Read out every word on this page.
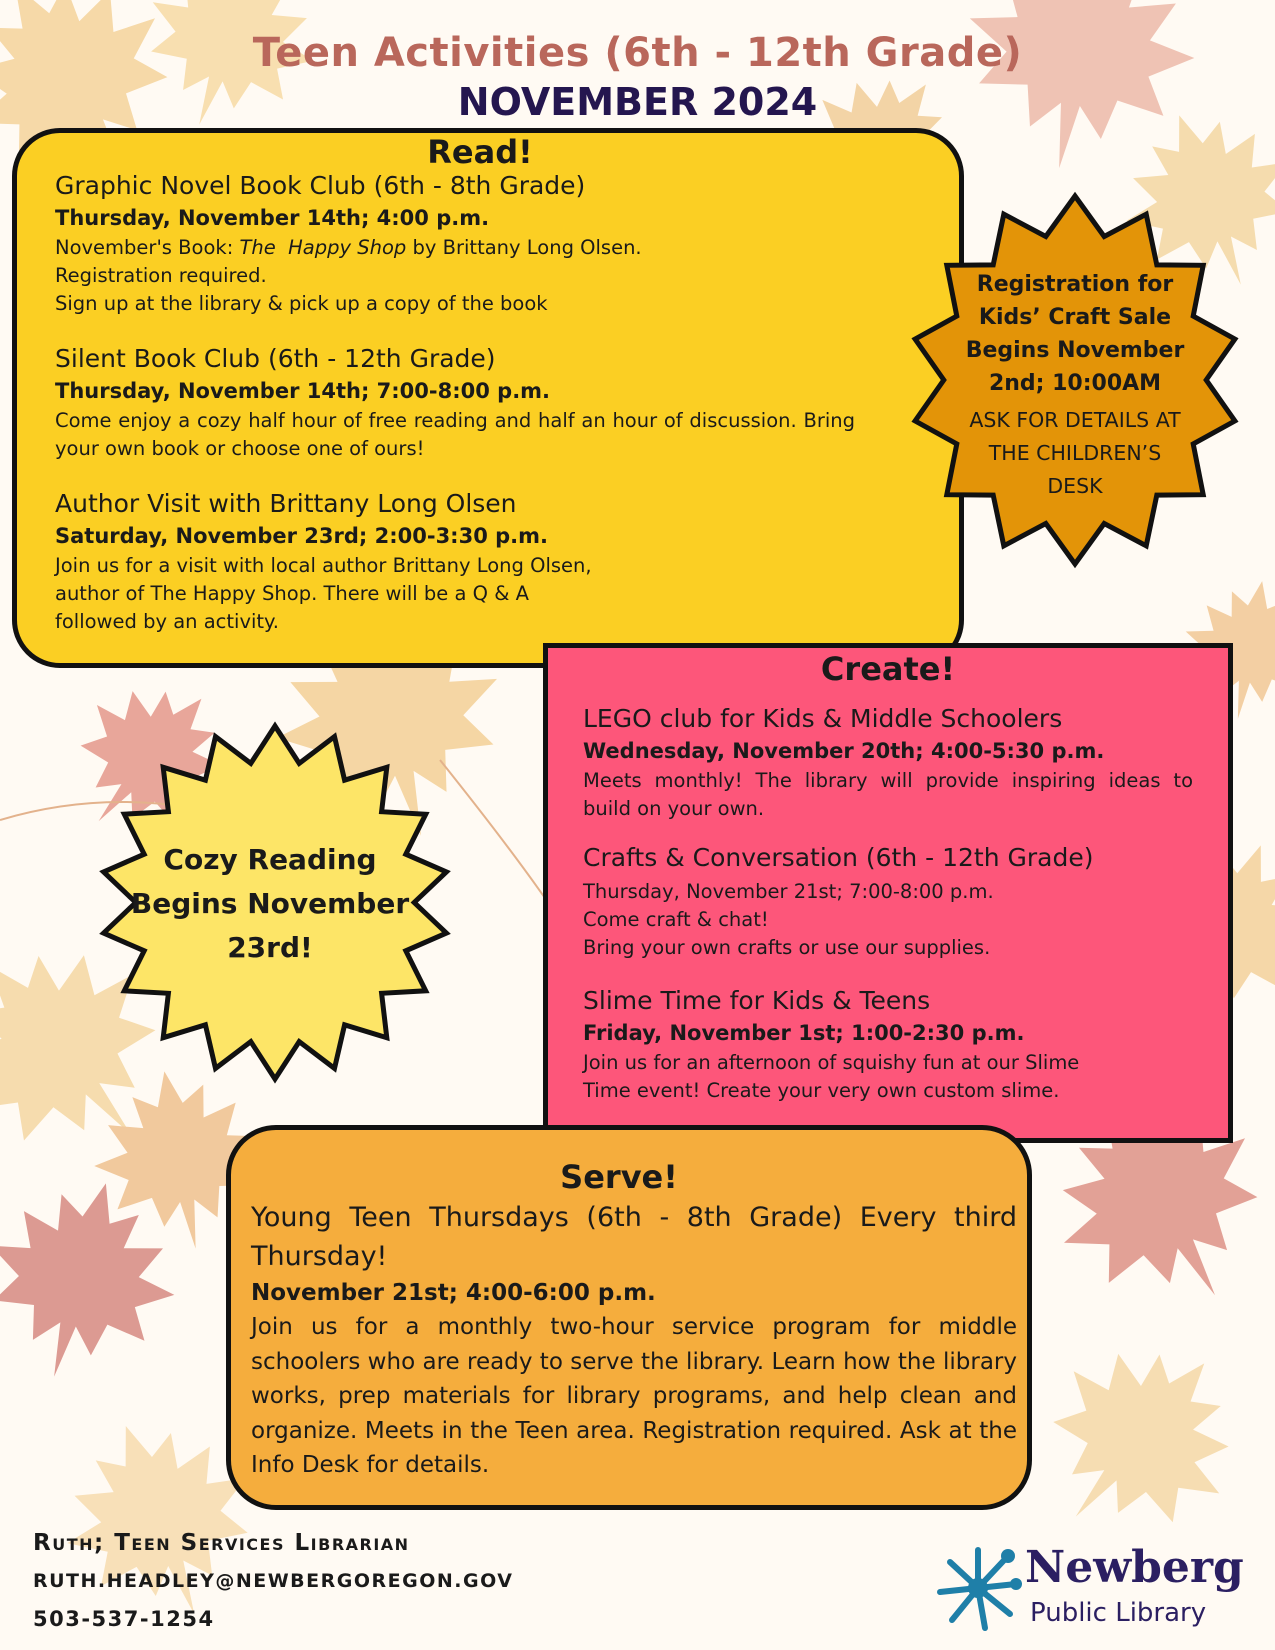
Teen Activities (6th - 12th Grade)
NOVEMBER 2024
Read!
Graphic Novel Book Club (6th - 8th Grade)
Thursday, November 14th; 4:00 p.m.
November's Book: The  Happy Shop by Brittany Long Olsen.
Registration required.
Sign up at the library & pick up a copy of the book
Silent Book Club (6th - 12th Grade)
Thursday, November 14th; 7:00-8:00 p.m.
Come enjoy a cozy half hour of free reading and half an hour of discussion. Bring your own book or choose one of ours!
Author Visit with Brittany Long Olsen
Saturday, November 23rd; 2:00-3:30 p.m.
Join us for a visit with local author Brittany Long Olsen,
author of The Happy Shop. There will be a Q & A
followed by an activity.
Registration for
Kids’ Craft Sale
Begins November
2nd; 10:00AM
ASK FOR DETAILS AT
THE CHILDREN’S
DESK
Create!
LEGO club for Kids & Middle Schoolers
Wednesday, November 20th; 4:00-5:30 p.m.
Meets monthly! The library will provide inspiring ideas to build on your own.
Crafts & Conversation (6th - 12th Grade)
Thursday, November 21st; 7:00-8:00 p.m.
Come craft & chat!
Bring your own crafts or use our supplies.
Slime Time for Kids & Teens
Friday, November 1st; 1:00-2:30 p.m.
Join us for an afternoon of squishy fun at our Slime
Time event! Create your very own custom slime.
Cozy Reading
Begins November
23rd!
Serve!
Young Teen Thursdays (6th - 8th Grade) Every third Thursday!
November 21st; 4:00-6:00 p.m.
Join us for a monthly two-hour service program for middle schoolers who are ready to serve the library. Learn how the library works, prep materials for library programs, and help clean and organize. Meets in the Teen area. Registration required. Ask at the Info Desk for details.
Ruth; Teen Services Librarian
RUTH.HEADLEY@NEWBERGOREGON.GOV
503-537-1254
Newberg
Public Library
